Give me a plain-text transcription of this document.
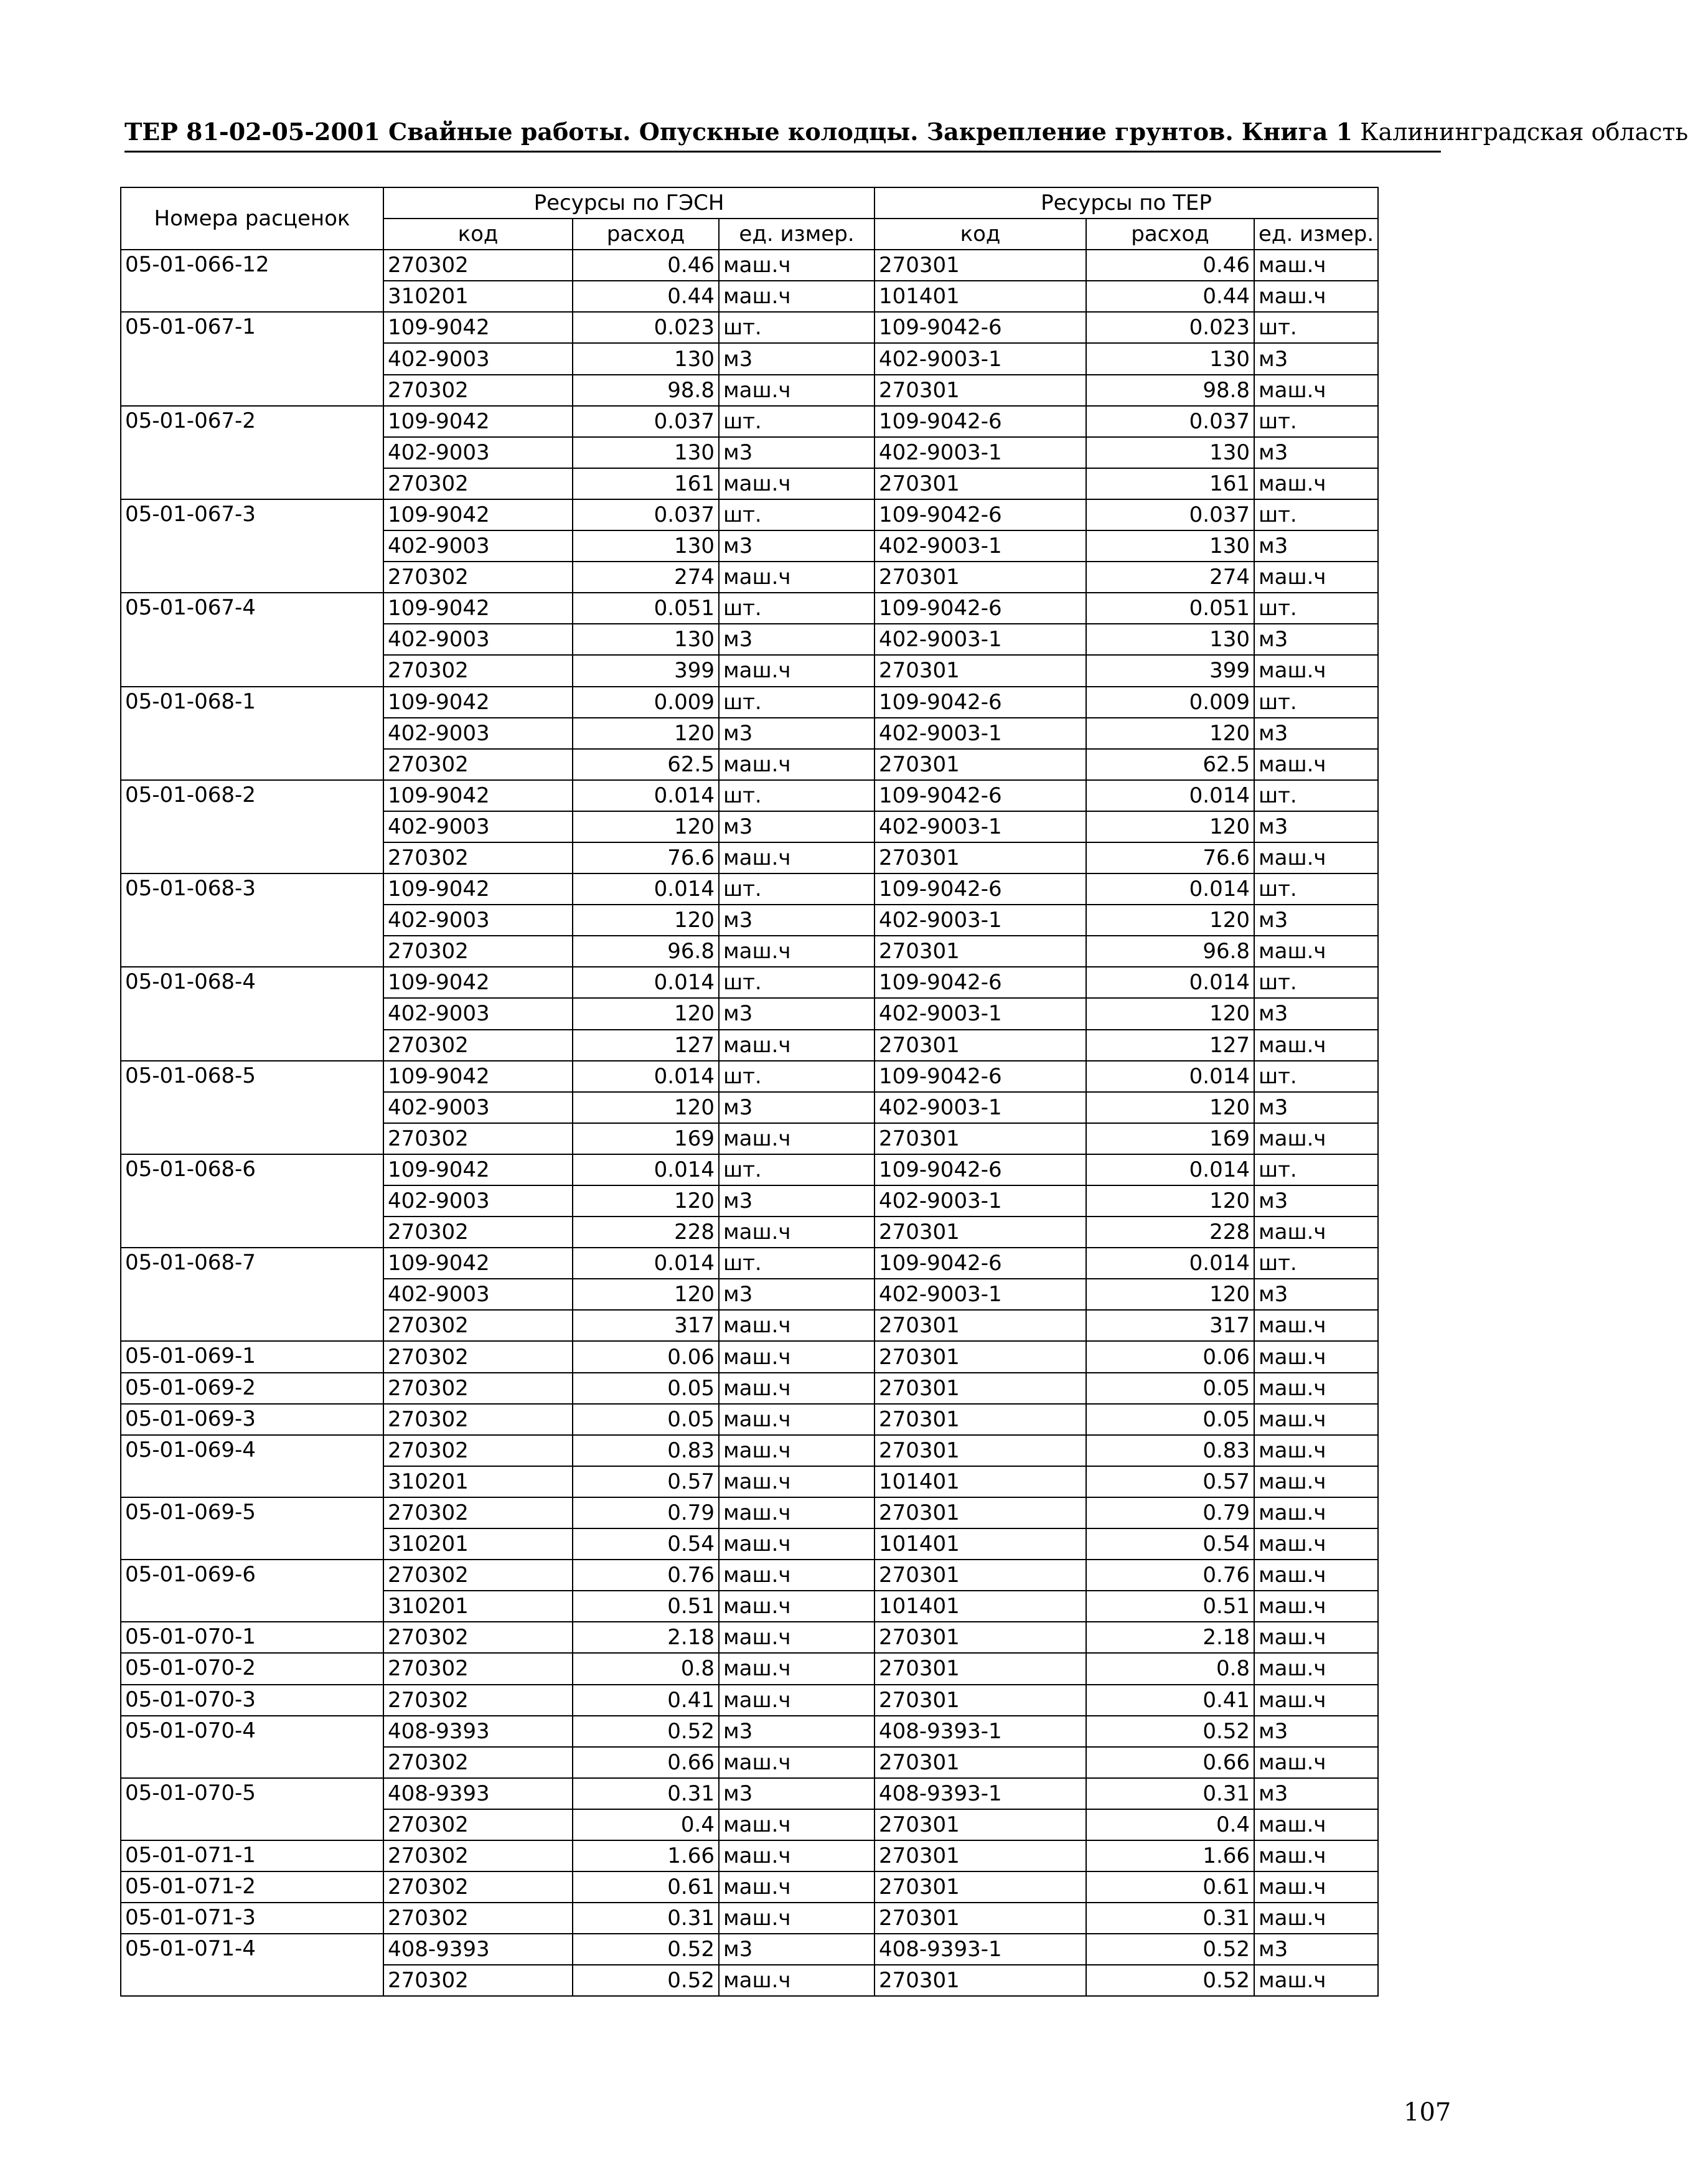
ТЕР 81-02-05-2001 Свайные работы. Опускные колодцы. Закрепление грунтов. Книга 1 Калининградская область
Номера расценок	Ресурсы по ГЭСН			Ресурсы по ТЕР		
	код	расход	ед. измер.	код	расход	ед. измер.
05-01-066-12	270302	0.46	маш.ч	270301	0.46	маш.ч
	310201	0.44	маш.ч	101401	0.44	маш.ч
05-01-067-1	109-9042	0.023	шт.	109-9042-6	0.023	шт.
	402-9003	130	м3	402-9003-1	130	м3
	270302	98.8	маш.ч	270301	98.8	маш.ч
05-01-067-2	109-9042	0.037	шт.	109-9042-6	0.037	шт.
	402-9003	130	м3	402-9003-1	130	м3
	270302	161	маш.ч	270301	161	маш.ч
05-01-067-3	109-9042	0.037	шт.	109-9042-6	0.037	шт.
	402-9003	130	м3	402-9003-1	130	м3
	270302	274	маш.ч	270301	274	маш.ч
05-01-067-4	109-9042	0.051	шт.	109-9042-6	0.051	шт.
	402-9003	130	м3	402-9003-1	130	м3
	270302	399	маш.ч	270301	399	маш.ч
05-01-068-1	109-9042	0.009	шт.	109-9042-6	0.009	шт.
	402-9003	120	м3	402-9003-1	120	м3
	270302	62.5	маш.ч	270301	62.5	маш.ч
05-01-068-2	109-9042	0.014	шт.	109-9042-6	0.014	шт.
	402-9003	120	м3	402-9003-1	120	м3
	270302	76.6	маш.ч	270301	76.6	маш.ч
05-01-068-3	109-9042	0.014	шт.	109-9042-6	0.014	шт.
	402-9003	120	м3	402-9003-1	120	м3
	270302	96.8	маш.ч	270301	96.8	маш.ч
05-01-068-4	109-9042	0.014	шт.	109-9042-6	0.014	шт.
	402-9003	120	м3	402-9003-1	120	м3
	270302	127	маш.ч	270301	127	маш.ч
05-01-068-5	109-9042	0.014	шт.	109-9042-6	0.014	шт.
	402-9003	120	м3	402-9003-1	120	м3
	270302	169	маш.ч	270301	169	маш.ч
05-01-068-6	109-9042	0.014	шт.	109-9042-6	0.014	шт.
	402-9003	120	м3	402-9003-1	120	м3
	270302	228	маш.ч	270301	228	маш.ч
05-01-068-7	109-9042	0.014	шт.	109-9042-6	0.014	шт.
	402-9003	120	м3	402-9003-1	120	м3
	270302	317	маш.ч	270301	317	маш.ч
05-01-069-1	270302	0.06	маш.ч	270301	0.06	маш.ч
05-01-069-2	270302	0.05	маш.ч	270301	0.05	маш.ч
05-01-069-3	270302	0.05	маш.ч	270301	0.05	маш.ч
05-01-069-4	270302	0.83	маш.ч	270301	0.83	маш.ч
	310201	0.57	маш.ч	101401	0.57	маш.ч
05-01-069-5	270302	0.79	маш.ч	270301	0.79	маш.ч
	310201	0.54	маш.ч	101401	0.54	маш.ч
05-01-069-6	270302	0.76	маш.ч	270301	0.76	маш.ч
	310201	0.51	маш.ч	101401	0.51	маш.ч
05-01-070-1	270302	2.18	маш.ч	270301	2.18	маш.ч
05-01-070-2	270302	0.8	маш.ч	270301	0.8	маш.ч
05-01-070-3	270302	0.41	маш.ч	270301	0.41	маш.ч
05-01-070-4	408-9393	0.52	м3	408-9393-1	0.52	м3
	270302	0.66	маш.ч	270301	0.66	маш.ч
05-01-070-5	408-9393	0.31	м3	408-9393-1	0.31	м3
	270302	0.4	маш.ч	270301	0.4	маш.ч
05-01-071-1	270302	1.66	маш.ч	270301	1.66	маш.ч
05-01-071-2	270302	0.61	маш.ч	270301	0.61	маш.ч
05-01-071-3	270302	0.31	маш.ч	270301	0.31	маш.ч
05-01-071-4	408-9393	0.52	м3	408-9393-1	0.52	м3
	270302	0.52	маш.ч	270301	0.52	маш.ч
107
